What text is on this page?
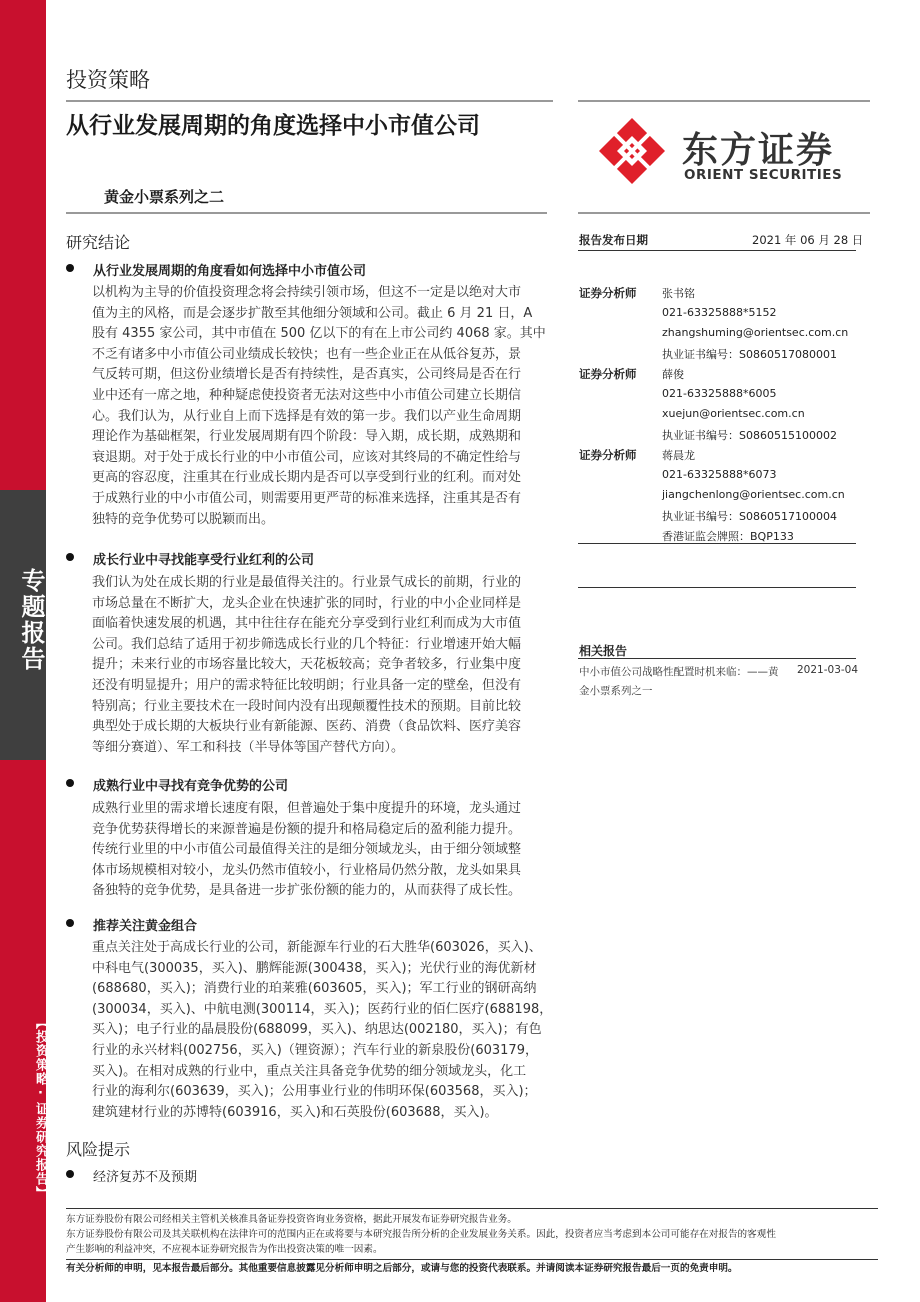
专题报告
【投资策略·证券研究报告】
投资策略
从行业发展周期的角度选择中小市值公司
黄金小票系列之二
东方证券
ORIENT SECURITIES
报告发布日期	2021 年 06 月 28 日
证券分析师 张书铭
021-63325888*5152
zhangshuming@orientsec.com.cn
执业证书编号：S0860517080001
证券分析师 薛俊
021-63325888*6005
xuejun@orientsec.com.cn
执业证书编号：S0860515100002
证券分析师 蒋晨龙
021-63325888*6073
jiangchenlong@orientsec.com.cn
执业证书编号：S0860517100004
香港证监会牌照：BQP133
相关报告
中小市值公司战略性配置时机来临：——黄 2021-03-04
金小票系列之一
研究结论
从行业发展周期的角度看如何选择中小市值公司
以机构为主导的价值投资理念将会持续引领市场，但这不一定是以绝对大市
值为主的风格，而是会逐步扩散至其他细分领域和公司。截止 6 月 21 日，A
股有 4355 家公司，其中市值在 500 亿以下的有在上市公司约 4068 家。其中
不乏有诸多中小市值公司业绩成长较快；也有一些企业正在从低谷复苏，景
气反转可期，但这份业绩增长是否有持续性，是否真实，公司终局是否在行
业中还有一席之地，种种疑虑使投资者无法对这些中小市值公司建立长期信
心。我们认为，从行业自上而下选择是有效的第一步。我们以产业生命周期
理论作为基础框架，行业发展周期有四个阶段：导入期，成长期，成熟期和
衰退期。对于处于成长行业的中小市值公司，应该对其终局的不确定性给与
更高的容忍度，注重其在行业成长期内是否可以享受到行业的红利。而对处
于成熟行业的中小市值公司，则需要用更严苛的标准来选择，注重其是否有
独特的竞争优势可以脱颖而出。
成长行业中寻找能享受行业红利的公司
我们认为处在成长期的行业是最值得关注的。行业景气成长的前期，行业的
市场总量在不断扩大，龙头企业在快速扩张的同时，行业的中小企业同样是
面临着快速发展的机遇，其中往往存在能充分享受到行业红利而成为大市值
公司。我们总结了适用于初步筛选成长行业的几个特征：行业增速开始大幅
提升；未来行业的市场容量比较大，天花板较高；竞争者较多，行业集中度
还没有明显提升；用户的需求特征比较明朗；行业具备一定的壁垒，但没有
特别高；行业主要技术在一段时间内没有出现颠覆性技术的预期。目前比较
典型处于成长期的大板块行业有新能源、医药、消费（食品饮料、医疗美容
等细分赛道）、军工和科技（半导体等国产替代方向）。
成熟行业中寻找有竞争优势的公司
成熟行业里的需求增长速度有限，但普遍处于集中度提升的环境，龙头通过
竞争优势获得增长的来源普遍是份额的提升和格局稳定后的盈利能力提升。
传统行业里的中小市值公司最值得关注的是细分领域龙头，由于细分领域整
体市场规模相对较小，龙头仍然市值较小，行业格局仍然分散，龙头如果具
备独特的竞争优势，是具备进一步扩张份额的能力的，从而获得了成长性。
推荐关注黄金组合
重点关注处于高成长行业的公司，新能源车行业的石大胜华(603026，买入)、
中科电气(300035，买入)、鹏辉能源(300438，买入)；光伏行业的海优新材
(688680，买入)；消费行业的珀莱雅(603605，买入)；军工行业的钢研高纳
(300034，买入)、中航电测(300114，买入)；医药行业的佰仁医疗(688198，
买入)；电子行业的晶晨股份(688099，买入)、纳思达(002180，买入)；有色
行业的永兴材料(002756，买入)（锂资源）；汽车行业的新泉股份(603179，
买入)。在相对成熟的行业中，重点关注具备竞争优势的细分领域龙头，化工
行业的海利尔(603639，买入)；公用事业行业的伟明环保(603568，买入)；
建筑建材行业的苏博特(603916，买入)和石英股份(603688，买入)。
风险提示
经济复苏不及预期
东方证券股份有限公司经相关主管机关核准具备证券投资咨询业务资格，据此开展发布证券研究报告业务。
东方证券股份有限公司及其关联机构在法律许可的范围内正在或将要与本研究报告所分析的企业发展业务关系。因此，投资者应当考虑到本公司可能存在对报告的客观性
产生影响的利益冲突，不应视本证券研究报告为作出投资决策的唯一因素。
有关分析师的申明，见本报告最后部分。其他重要信息披露见分析师申明之后部分，或请与您的投资代表联系。并请阅读本证券研究报告最后一页的免责申明。
